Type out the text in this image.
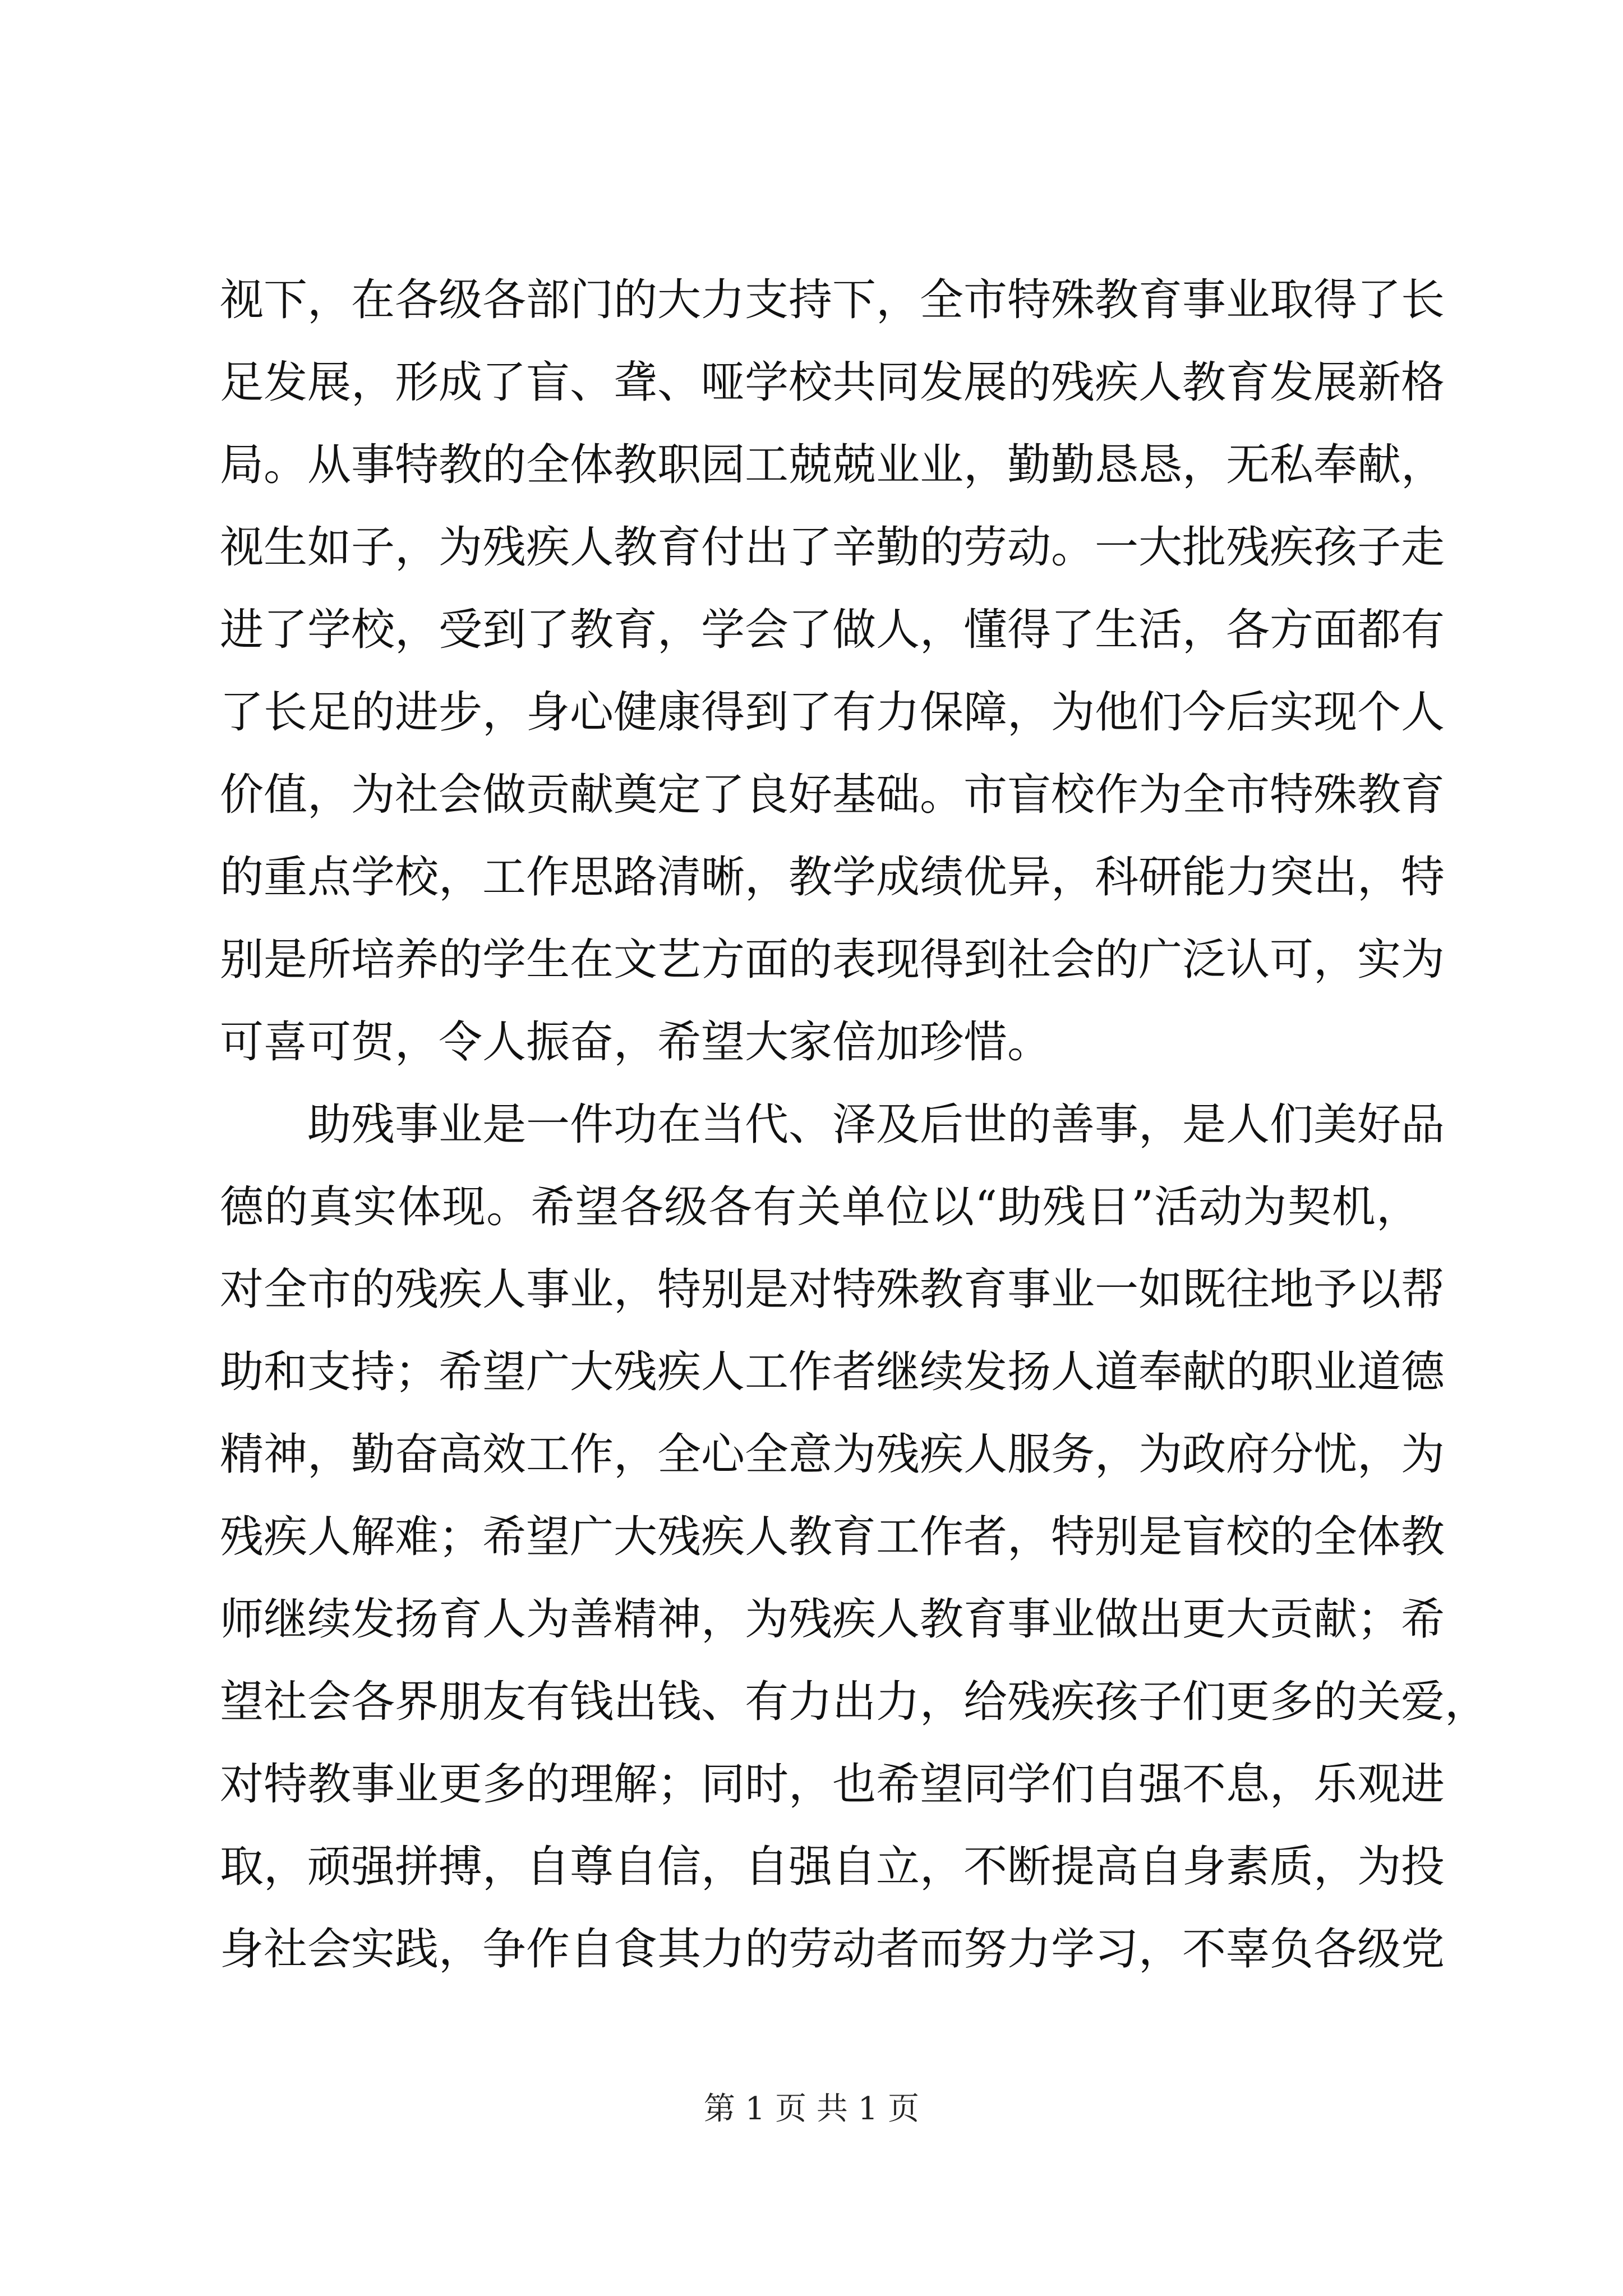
视下，在各级各部门的大力支持下，全市特殊教育事业取得了长
足发展，形成了盲、聋、哑学校共同发展的残疾人教育发展新格
局。从事特教的全体教职园工兢兢业业，勤勤恳恳，无私奉献，
视生如子，为残疾人教育付出了辛勤的劳动。一大批残疾孩子走
进了学校，受到了教育，学会了做人，懂得了生活，各方面都有
了长足的进步，身心健康得到了有力保障，为他们今后实现个人
价值，为社会做贡献奠定了良好基础。市盲校作为全市特殊教育
的重点学校，工作思路清晰，教学成绩优异，科研能力突出，特
别是所培养的学生在文艺方面的表现得到社会的广泛认可，实为
可喜可贺，令人振奋，希望大家倍加珍惜。
助残事业是一件功在当代、泽及后世的善事，是人们美好品
德的真实体现。希望各级各有关单位以“助残日”活动为契机，
对全市的残疾人事业，特别是对特殊教育事业一如既往地予以帮
助和支持；希望广大残疾人工作者继续发扬人道奉献的职业道德
精神，勤奋高效工作，全心全意为残疾人服务，为政府分忧，为
残疾人解难；希望广大残疾人教育工作者，特别是盲校的全体教
师继续发扬育人为善精神，为残疾人教育事业做出更大贡献；希
望社会各界朋友有钱出钱、有力出力，给残疾孩子们更多的关爱，
对特教事业更多的理解；同时，也希望同学们自强不息，乐观进
取，顽强拼搏，自尊自信，自强自立，不断提高自身素质，为投
身社会实践，争作自食其力的劳动者而努力学习，不辜负各级党
第 1 页 共 1 页
